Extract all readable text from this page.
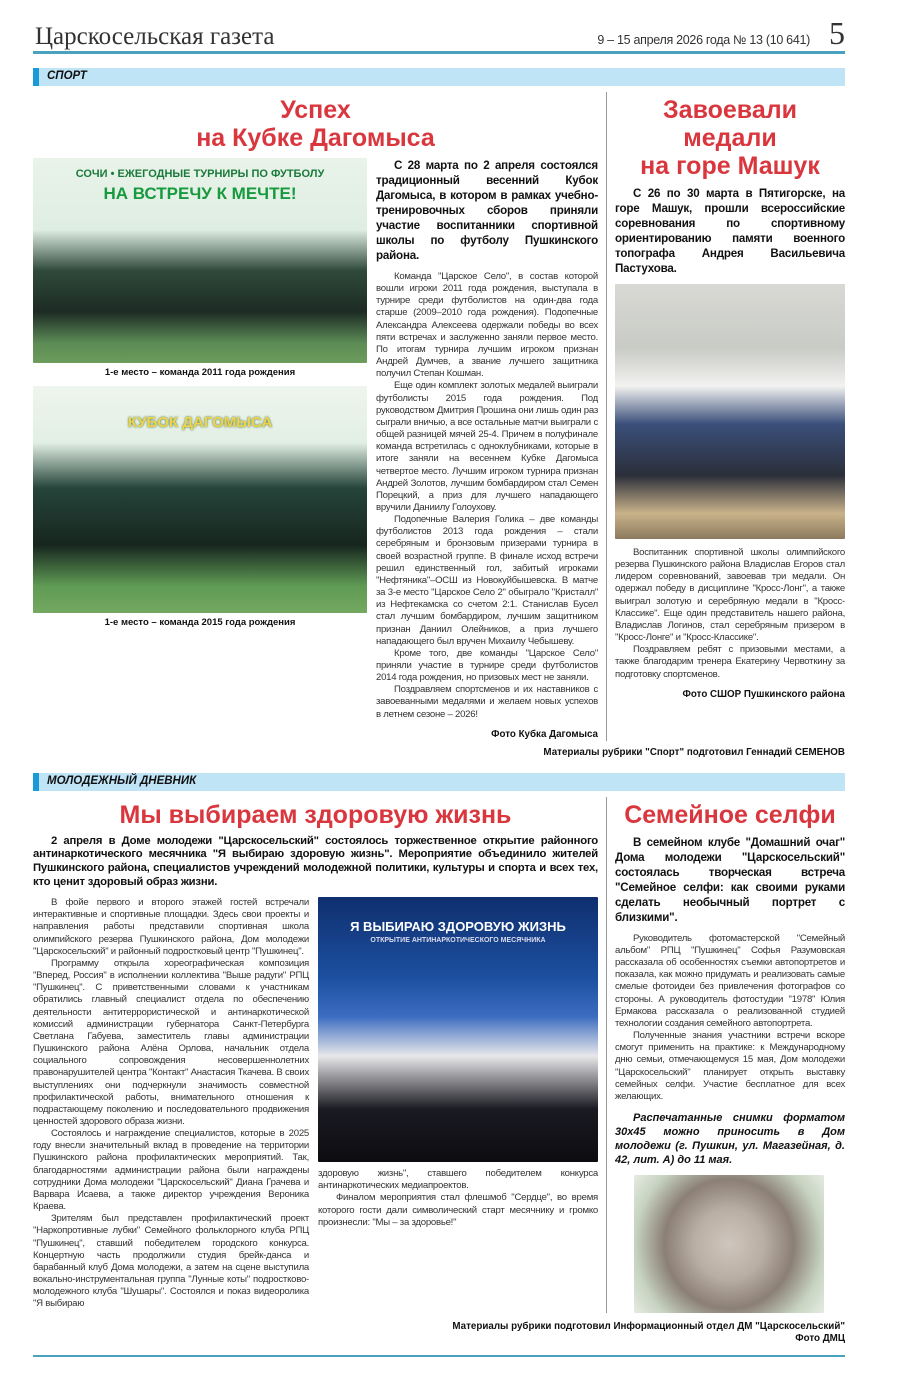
Царскосельская газета	9 – 15 апреля 2026 года № 13 (10 641) 5
СПОРТ
Успех
на Кубке Дагомыса
СОЧИ • ЕЖЕГОДНЫЕ ТУРНИРЫ ПО ФУТБОЛУ
НА ВСТРЕЧУ К МЕЧТЕ!
1-е место – команда 2011 года рождения
КУБОК ДАГОМЫСА
1-е место – команда 2015 года рождения

С 28 марта по 2 апреля состоялся традиционный весенний Кубок Дагомыса, в котором в рамках учебно-тренировочных сборов приняли участие воспитанники спортивной школы по футболу Пушкинского района.

Команда "Царское Село", в состав которой вошли игроки 2011 года рождения, выступала в турнире среди футболистов на один-два года старше (2009–2010 года рождения). Подопечные Александра Алексеева одержали победы во всех пяти встречах и заслуженно заняли первое место. По итогам турнира лучшим игроком признан Андрей Думчев, а звание лучшего защитника получил Степан Кошман.

Еще один комплект золотых медалей выиграли футболисты 2015 года рождения. Под руководством Дмитрия Прошина они лишь один раз сыграли вничью, а все остальные матчи выиграли с общей разницей мячей 25-4. Причем в полуфинале команда встретилась с одноклубниками, которые в итоге заняли на весеннем Кубке Дагомыса четвертое место. Лучшим игроком турнира признан Андрей Золотов, лучшим бомбардиром стал Семен Порецкий, а приз для лучшего нападающего вручили Даниилу Голоухову.

Подопечные Валерия Голика – две команды футболистов 2013 года рождения – стали серебряным и бронзовым призерами турнира в своей возрастной группе. В финале исход встречи решил единственный гол, забитый игроками "Нефтяника"–ОСШ из Новокуйбышевска. В матче за 3-е место "Царское Село 2" обыграло "Кристалл" из Нефтекамска со счетом 2:1. Станислав Бусел стал лучшим бомбардиром, лучшим защитником признан Даниил Олейников, а приз лучшего нападающего был вручен Михаилу Чебышеву.

Кроме того, две команды "Царское Село" приняли участие в турнире среди футболистов 2014 года рождения, но призовых мест не заняли.

Поздравляем спортсменов и их наставников с завоеванными медалями и желаем новых успехов в летнем сезоне – 2026!

Фото Кубка Дагомыса
Завоевали медали
на горе Машук

С 26 по 30 марта в Пятигорске, на горе Машук, прошли всероссийские соревнования по спортивному ориентированию памяти военного топографа Андрея Васильевича Пастухова.

Воспитанник спортивной школы олимпийского резерва Пушкинского района Владислав Егоров стал лидером соревнований, завоевав три медали. Он одержал победу в дисциплине "Кросс-Лонг", а также выиграл золотую и серебряную медали в "Кросс-Классике". Еще один представитель нашего района, Владислав Логинов, стал серебряным призером в "Кросс-Лонге" и "Кросс-Классике".

Поздравляем ребят с призовыми местами, а также благодарим тренера Екатерину Червоткину за подготовку спортсменов.

Фото СШОР Пушкинского района
Материалы рубрики "Спорт" подготовил Геннадий СЕМЕНОВ
МОЛОДЕЖНЫЙ ДНЕВНИК
Мы выбираем здоровую жизнь

2 апреля в Доме молодежи "Царскосельский" состоялось торжественное открытие районного антинаркотического месячника "Я выбираю здоровую жизнь". Мероприятие объединило жителей Пушкинского района, специалистов учреждений молодежной политики, культуры и спорта и всех тех, кто ценит здоровый образ жизни.

В фойе первого и второго этажей гостей встречали интерактивные и спортивные площадки. Здесь свои проекты и направления работы представили спортивная школа олимпийского резерва Пушкинского района, Дом молодежи "Царскосельский" и районный подростковый центр "Пушкинец".

Программу открыла хореографическая композиция "Вперед, Россия" в исполнении коллектива "Выше радуги" РПЦ "Пушкинец". С приветственными словами к участникам обратились главный специалист отдела по обеспечению деятельности антитеррористической и антинаркотической комиссий администрации губернатора Санкт-Петербурга Светлана Габуева, заместитель главы администрации Пушкинского района Алёна Орлова, начальник отдела социального сопровождения несовершеннолетних правонарушителей центра "Контакт" Анастасия Ткачева. В своих выступлениях они подчеркнули значимость совместной профилактической работы, внимательного отношения к подрастающему поколению и последовательного продвижения ценностей здорового образа жизни.

Состоялось и награждение специалистов, которые в 2025 году внесли значительный вклад в проведение на территории Пушкинского района профилактических мероприятий. Так, благодарностями администрации района были награждены сотрудники Дома молодежи "Царскосельский" Диана Грачева и Варвара Исаева, а также директор учреждения Вероника Краева.

Зрителям был представлен профилактический проект "Наркопротивные лубки" Семейного фольклорного клуба РПЦ "Пушкинец", ставший победителем городского конкурса. Концертную часть продолжили студия брейк-данса и барабанный клуб Дома молодежи, а затем на сцене выступила вокально-инструментальная группа "Лунные коты" подростково-молодежного клуба "Шушары". Состоялся и показ видеоролика "Я выбираю

Я ВЫБИРАЮ ЗДОРОВУЮ ЖИЗНЬ
ОТКРЫТИЕ АНТИНАРКОТИЧЕСКОГО МЕСЯЧНИКА
здоровую жизнь", ставшего победителем конкурса антинаркотических медиапроектов.

Финалом мероприятия стал флешмоб "Сердце", во время которого гости дали символический старт месячнику и громко произнесли: "Мы – за здоровье!"

Семейное селфи

В семейном клубе "Домашний очаг" Дома молодежи "Царскосельский" состоялась творческая встреча "Семейное селфи: как своими руками сделать необычный портрет с близкими".

Руководитель фотомастерской "Семейный альбом" РПЦ "Пушкинец" Софья Разумовская рассказала об особенностях съемки автопортретов и показала, как можно придумать и реализовать самые смелые фотоидеи без привлечения фотографов со стороны. А руководитель фотостудии "1978" Юлия Ермакова рассказала о реализованной студией технологии создания семейного автопортрета.

Полученные знания участники встречи вскоре смогут применить на практике: к Международному дню семьи, отмечающемуся 15 мая, Дом молодежи "Царскосельский" планирует открыть выставку семейных селфи. Участие бесплатное для всех желающих.

Распечатанные снимки форматом 30х45 можно приносить в Дом молодежи (г. Пушкин, ул. Магазейная, д. 42, лит. А) до 11 мая.
Материалы рубрики подготовил Информационный отдел ДМ "Царскосельский"
Фото ДМЦ
